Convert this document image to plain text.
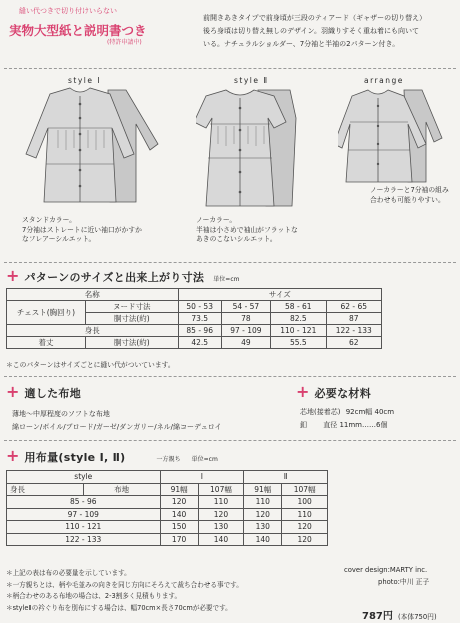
縫い代つきで切り付けいらない
実物大型紙と説明書つき
(特許申請中)
前開きあきタイプで前身頃が三段のティアード（ギャザーの切り替え）
後ろ身頃は切り替え無しのデザイン。羽織りすそく重ね着にも向いて
いる。ナチュラルショルダー、7分袖と半袖の2パターン付き。
style Ⅰ	style Ⅱ	arrange
スタンドカラー。
7分袖はストレートに近い袖口がかすか
なフレアーシルエット。
ノーカラー。
半袖は小さめで袖山がフラットな
あきのこないシルエット。
ノーカラーと7分袖の組み
合わせも可能りやすい。
+ パターンのサイズと出来上がり寸法 単位=cm
名称		サイズ			
チェスト(胸回り)	ヌード寸法	50 - 53	54 - 57	58 - 61	62 - 65
	胴寸法(約)	73.5	78	82.5	87
身長		85 - 96	97 - 109	110 - 121	122 - 133
着丈	胴寸法(約)	42.5	49	55.5	62
＊このパターンはサイズごとに縫い代がついています。
+ 適した布地
薄地〜中厚程度のソフトな布地
綿ローン/ボイル/ブロード/ガーゼ/ダンガリー/ネル/綿コーデュロイ
+ 必要な材料
芯地(接着芯) 92cm幅 40cm
釦 直径 11mm……6個
+ 用布量(style Ⅰ, Ⅱ)	一方親ち 単位=cm
style		Ⅰ		Ⅱ	
身長	布地	91幅	107幅	91幅	107幅
85 - 96		120	110	110	100
97 - 109		140	120	120	110
110 - 121		150	130	130	120
122 - 133		170	140	140	120
＊上記の表は布の必要量を示しています。
＊一方親ちとは、柄や毛並みの向きを同じ方向にそろえて裁ち合わせる事です。
＊柄合わせのある布地の場合は、2-3割多く見積もります。
＊styleⅡの衿ぐり布を別布にする場合は、幅70cm×長さ70cmが必要です。
cover design:MARTY inc.
photo:中川 正子
787円 (本体750円)
